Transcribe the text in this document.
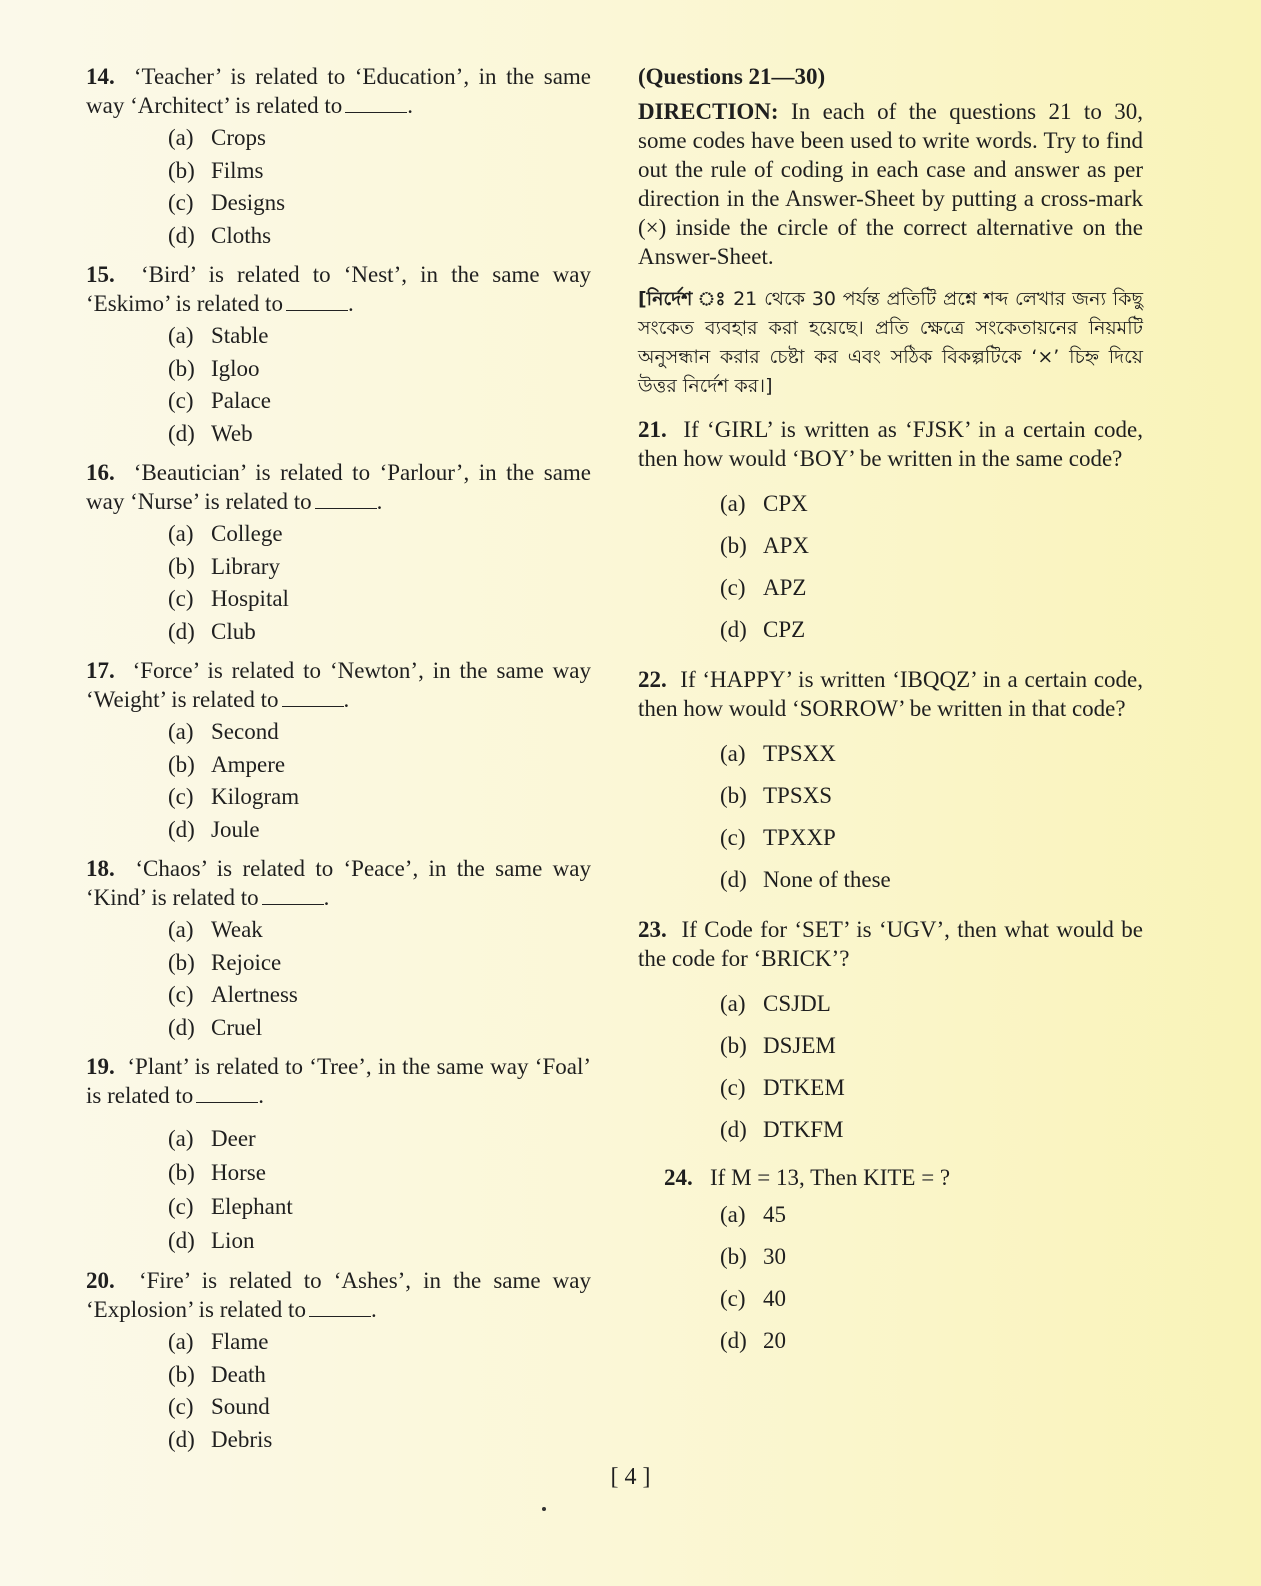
14. ‘Teacher’ is related to ‘Education’, in the same way ‘Architect’ is related to	.

(a) Crops
(b) Films
(c) Designs
(d) Cloths

15. ‘Bird’ is related to ‘Nest’, in the same way ‘Eskimo’ is related to	.

(a) Stable
(b) Igloo
(c) Palace
(d) Web

16. ‘Beautician’ is related to ‘Parlour’, in the same way ‘Nurse’ is related to	.

(a) College
(b) Library
(c) Hospital
(d) Club

17. ‘Force’ is related to ‘Newton’, in the same way ‘Weight’ is related to	.

(a) Second
(b) Ampere
(c) Kilogram
(d) Joule

18. ‘Chaos’ is related to ‘Peace’, in the same way ‘Kind’ is related to	.

(a) Weak
(b) Rejoice
(c) Alertness
(d) Cruel

19. ‘Plant’ is related to ‘Tree’, in the same way ‘Foal’ is related to	.

(a) Deer
(b) Horse
(c) Elephant
(d) Lion

20. ‘Fire’ is related to ‘Ashes’, in the same way ‘Explosion’ is related to	.

(a) Flame
(b) Death
(c) Sound
(d) Debris

(Questions 21—30)

DIRECTION: In each of the questions 21 to 30, some codes have been used to write words. Try to find out the rule of coding in each case and answer as per direction in the Answer-Sheet by putting a cross-mark (×) inside the circle of the correct alternative on the Answer-Sheet.

[নির্দেশ ঃ 21 থেকে 30 পর্যন্ত প্রতিটি প্রশ্নে শব্দ লেখার জন্য কিছু সংকেত ব্যবহার করা হয়েছে। প্রতি ক্ষেত্রে সংকেতায়নের নিয়মটি অনুসন্ধান করার চেষ্টা কর এবং সঠিক বিকল্পটিকে ‘×’ চিহ্ন দিয়ে উত্তর নির্দেশ কর।]

21. If ‘GIRL’ is written as ‘FJSK’ in a certain code, then how would ‘BOY’ be written in the same code?

(a) CPX
(b) APX
(c) APZ
(d) CPZ

22. If ‘HAPPY’ is written ‘IBQQZ’ in a certain code, then how would ‘SORROW’ be written in that code?

(a) TPSXX
(b) TPSXS
(c) TPXXP
(d) None of these

23. If Code for ‘SET’ is ‘UGV’, then what would be the code for ‘BRICK’?

(a) CSJDL
(b) DSJEM
(c) DTKEM
(d) DTKFM

24. If M = 13, Then KITE = ?

(a) 45
(b) 30
(c) 40
(d) 20
[ 4 ]
